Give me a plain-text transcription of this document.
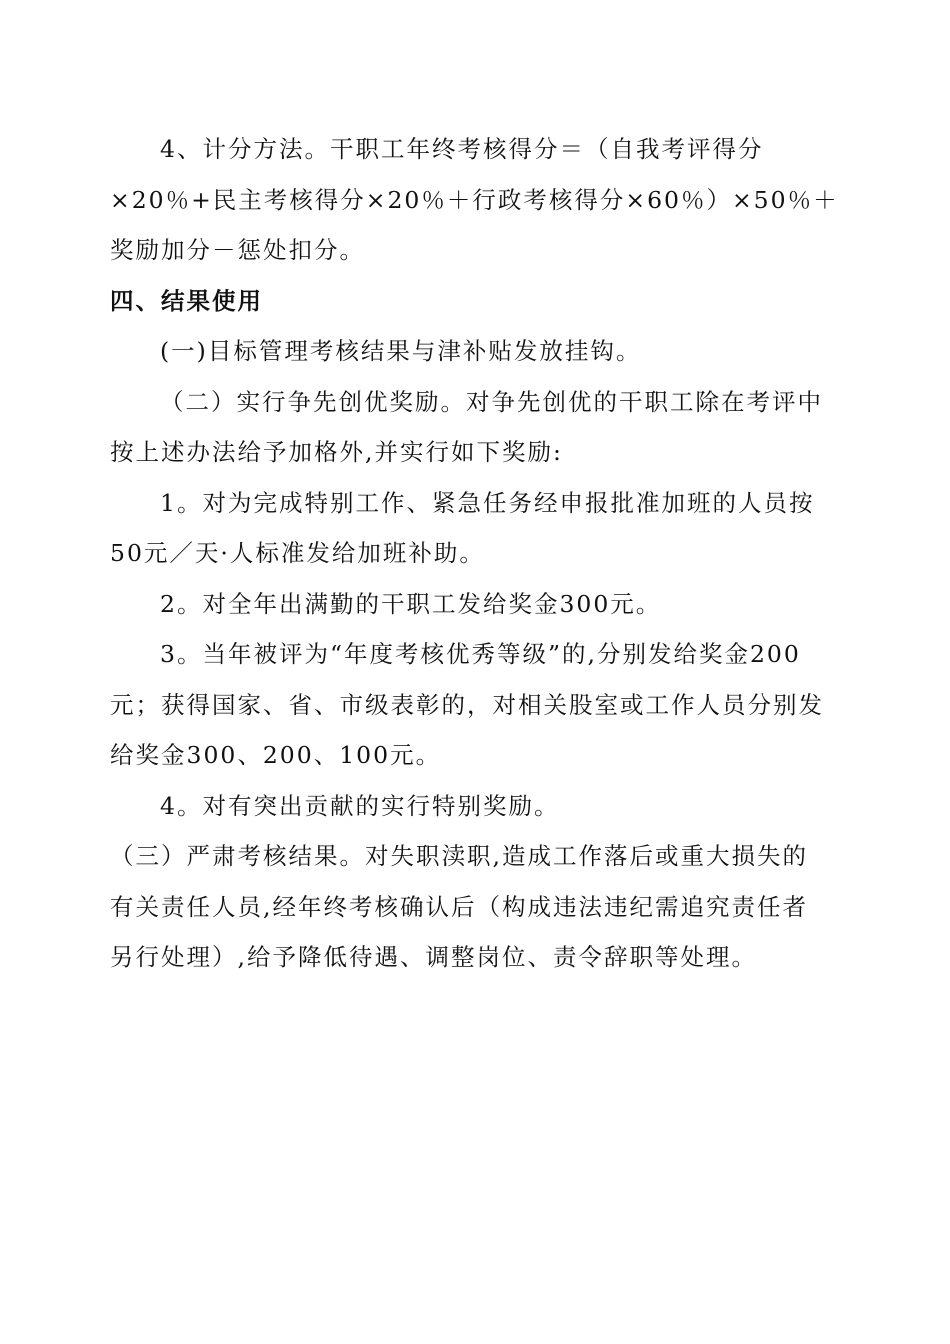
4、计分方法。干职工年终考核得分＝（自我考评得分
×20％+民主考核得分×20％＋行政考核得分×60％）×50％＋
奖励加分－惩处扣分。

四、结果使用

(一)目标管理考核结果与津补贴发放挂钩。

（二）实行争先创优奖励。对争先创优的干职工除在考评中
按上述办法给予加格外,并实行如下奖励:

1。对为完成特别工作、紧急任务经申报批准加班的人员按
50元／天·人标准发给加班补助。

2。对全年出满勤的干职工发给奖金300元。

3。当年被评为“年度考核优秀等级”的,分别发给奖金200
元；获得国家、省、市级表彰的，对相关股室或工作人员分别发
给奖金300、200、100元。

4。对有突出贡献的实行特别奖励。

（三）严肃考核结果。对失职渎职,造成工作落后或重大损失的
有关责任人员,经年终考核确认后（构成违法违纪需追究责任者
另行处理）,给予降低待遇、调整岗位、责令辞职等处理。
